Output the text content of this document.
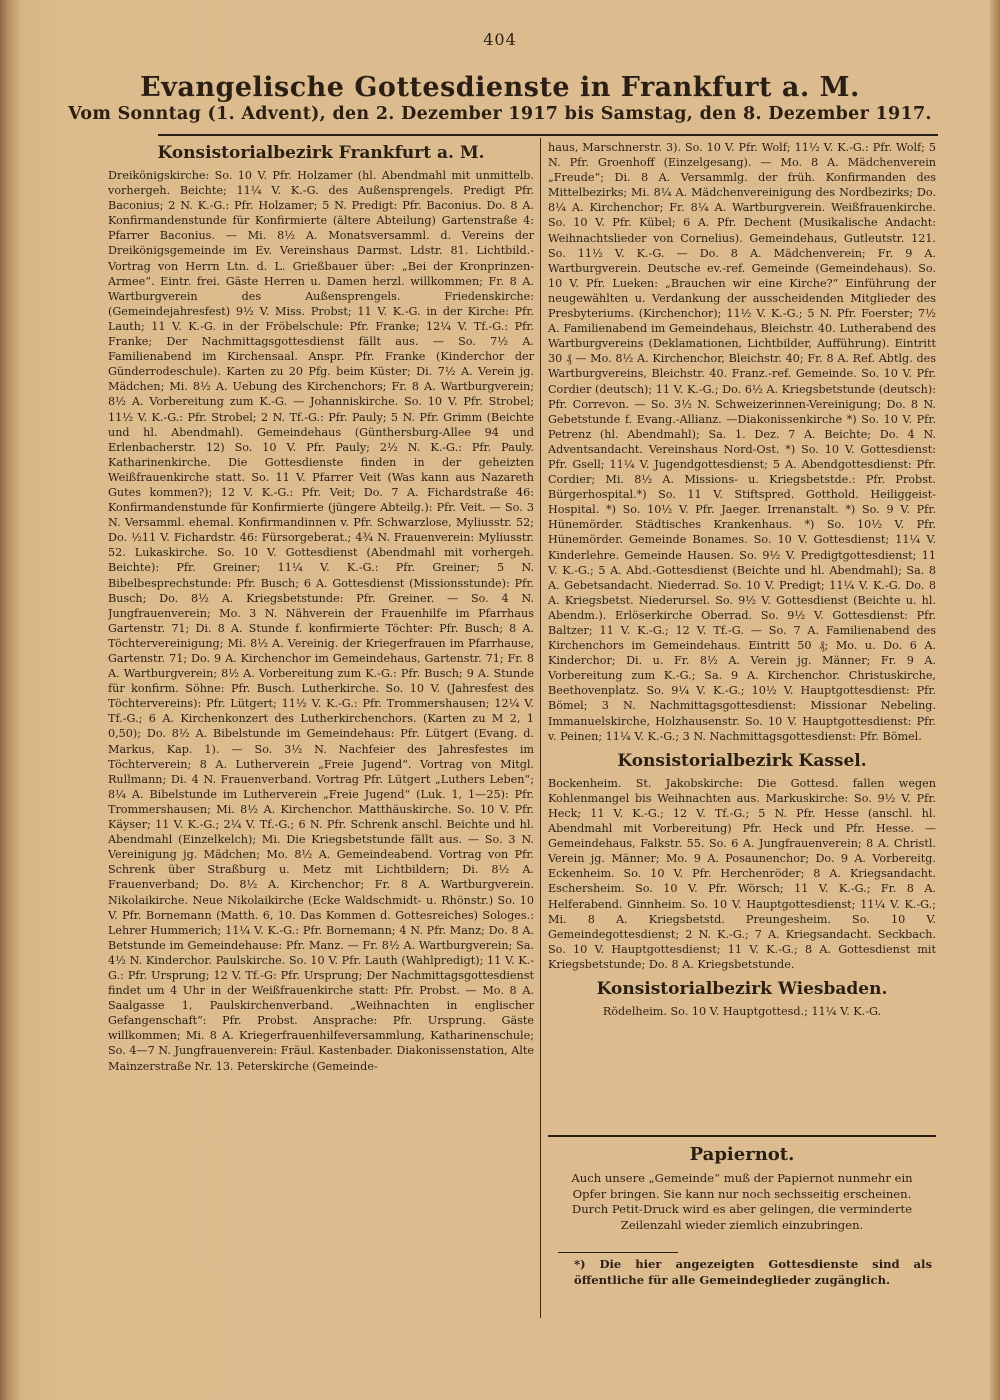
404
Evangelische Gottesdienste in Frankfurt a. M.
Vom Sonntag (1. Advent), den 2. Dezember 1917 bis Samstag, den 8. Dezember 1917.
Konsistorialbezirk Frankfurt a. M.

Dreikönigskirche: So. 10 V. Pfr. Holzamer (hl. Abendmahl mit unmittelb. vorhergeh. Beichte; 11¼ V. K.-G. des Außensprengels. Predigt Pfr. Baconius; 2 N. K.-G.: Pfr. Holzamer; 5 N. Predigt: Pfr. Baconius. Do. 8 A. Konfirmandenstunde für Konfirmierte (ältere Abteilung) Gartenstraße 4: Pfarrer Baconius. — Mi. 8½ A. Monatsversamml. d. Vereins der Dreikönigsgemeinde im Ev. Vereinshaus Darmst. Ldstr. 81. Lichtbild.-Vortrag von Herrn Ltn. d. L. Grießbauer über: „Bei der Kronprinzen-Armee“. Eintr. frei. Gäste Herren u. Damen herzl. willkommen; Fr. 8 A. Wartburgverein des Außensprengels. Friedenskirche: (Gemeindejahresfest) 9½ V. Miss. Probst; 11 V. K.-G. in der Kirche: Pfr. Lauth; 11 V. K.-G. in der Fröbelschule: Pfr. Franke; 12¼ V. Tf.-G.: Pfr. Franke; Der Nachmittagsgottesdienst fällt aus. — So. 7½ A. Familienabend im Kirchensaal. Anspr. Pfr. Franke (Kinderchor der Günderrodeschule). Karten zu 20 Pfg. beim Küster; Di. 7½ A. Verein jg. Mädchen; Mi. 8½ A. Uebung des Kirchenchors; Fr. 8 A. Wartburgverein; 8½ A. Vorbereitung zum K.-G. — Johanniskirche. So. 10 V. Pfr. Strobel; 11½ V. K.-G.: Pfr. Strobel; 2 N. Tf.-G.: Pfr. Pauly; 5 N. Pfr. Grimm (Beichte und hl. Abendmahl). Gemeindehaus (Günthersburg-Allee 94 und Erlenbacherstr. 12) So. 10 V. Pfr. Pauly; 2½ N. K.-G.: Pfr. Pauly. Katharinenkirche. Die Gottesdienste finden in der geheizten Weißfrauenkirche statt. So. 11 V. Pfarrer Veit (Was kann aus Nazareth Gutes kommen?); 12 V. K.-G.: Pfr. Veit; Do. 7 A. Fichardstraße 46: Konfirmandenstunde für Konfirmierte (jüngere Abteilg.): Pfr. Veit. — So. 3 N. Versamml. ehemal. Konfirmandinnen v. Pfr. Schwarzlose, Myliusstr. 52; Do. ½11 V. Fichardstr. 46: Fürsorgeberat.; 4¾ N. Frauenverein: Myliusstr. 52. Lukaskirche. So. 10 V. Gottesdienst (Abendmahl mit vorhergeh. Beichte): Pfr. Greiner; 11¼ V. K.-G.: Pfr. Greiner; 5 N. Bibelbesprechstunde: Pfr. Busch; 6 A. Gottesdienst (Missionsstunde): Pfr. Busch; Do. 8½ A. Kriegsbetstunde: Pfr. Greiner. — So. 4 N. Jungfrauenverein; Mo. 3 N. Nähverein der Frauenhilfe im Pfarrhaus Gartenstr. 71; Di. 8 A. Stunde f. konfirmierte Töchter: Pfr. Busch; 8 A. Töchtervereinigung; Mi. 8½ A. Vereinig. der Kriegerfrauen im Pfarrhause, Gartenstr. 71; Do. 9 A. Kirchenchor im Gemeindehaus, Gartenstr. 71; Fr. 8 A. Wartburgverein; 8½ A. Vorbereitung zum K.-G.: Pfr. Busch; 9 A. Stunde für konfirm. Söhne: Pfr. Busch. Lutherkirche. So. 10 V. (Jahresfest des Töchtervereins): Pfr. Lütgert; 11½ V. K.-G.: Pfr. Trommershausen; 12¼ V. Tf.-G.; 6 A. Kirchenkonzert des Lutherkirchenchors. (Karten zu M 2, 1 0,50); Do. 8½ A. Bibelstunde im Gemeindehaus: Pfr. Lütgert (Evang. d. Markus, Kap. 1). — So. 3½ N. Nachfeier des Jahresfestes im Töchterverein; 8 A. Lutherverein „Freie Jugend“. Vortrag von Mitgl. Rullmann; Di. 4 N. Frauenverband. Vortrag Pfr. Lütgert „Luthers Leben“; 8¼ A. Bibelstunde im Lutherverein „Freie Jugend“ (Luk. 1, 1—25): Pfr. Trommershausen; Mi. 8½ A. Kirchenchor. Matthäuskirche. So. 10 V. Pfr. Käyser; 11 V. K.-G.; 2¼ V. Tf.-G.; 6 N. Pfr. Schrenk anschl. Beichte und hl. Abendmahl (Einzelkelch); Mi. Die Kriegsbetstunde fällt aus. — So. 3 N. Vereinigung jg. Mädchen; Mo. 8½ A. Gemeindeabend. Vortrag von Pfr. Schrenk über Straßburg u. Metz mit Lichtbildern; Di. 8½ A. Frauenverband; Do. 8½ A. Kirchenchor; Fr. 8 A. Wartburgverein. Nikolaikirche. Neue Nikolaikirche (Ecke Waldschmidt- u. Rhönstr.) So. 10 V. Pfr. Bornemann (Matth. 6, 10. Das Kommen d. Gottesreiches) Sologes.: Lehrer Hummerich; 11¼ V. K.-G.: Pfr. Bornemann; 4 N. Pfr. Manz; Do. 8 A. Betstunde im Gemeindehause: Pfr. Manz. — Fr. 8½ A. Wartburgverein; Sa. 4½ N. Kinderchor. Paulskirche. So. 10 V. Pfr. Lauth (Wahlpredigt); 11 V. K.-G.: Pfr. Ursprung; 12 V. Tf.-G: Pfr. Ursprung; Der Nachmittagsgottesdienst findet um 4 Uhr in der Weißfrauenkirche statt: Pfr. Probst. — Mo. 8 A. Saalgasse 1, Paulskirchenverband. „Weihnachten in englischer Gefangenschaft“: Pfr. Probst. Ansprache: Pfr. Ursprung. Gäste willkommen; Mi. 8 A. Kriegerfrauenhilfeversammlung, Katharinenschule; So. 4—7 N. Jungfrauenverein: Fräul. Kastenbader. Diakonissenstation, Alte Mainzerstraße Nr. 13. Peterskirche (Gemeinde-

haus, Marschnerstr. 3). So. 10 V. Pfr. Wolf; 11½ V. K.-G.: Pfr. Wolf; 5 N. Pfr. Groenhoff (Einzelgesang). — Mo. 8 A. Mädchenverein „Freude“; Di. 8 A. Versammlg. der früh. Konfirmanden des Mittelbezirks; Mi. 8¼ A. Mädchenvereinigung des Nordbezirks; Do. 8¼ A. Kirchenchor; Fr. 8¼ A. Wartburgverein. Weißfrauenkirche. So. 10 V. Pfr. Kübel; 6 A. Pfr. Dechent (Musikalische Andacht: Weihnachtslieder von Cornelius). Gemeindehaus, Gutleutstr. 121. So. 11½ V. K.-G. — Do. 8 A. Mädchenverein; Fr. 9 A. Wartburgverein. Deutsche ev.-ref. Gemeinde (Gemeindehaus). So. 10 V. Pfr. Lueken: „Brauchen wir eine Kirche?“ Einführung der neugewählten u. Verdankung der ausscheidenden Mitglieder des Presbyteriums. (Kirchenchor); 11½ V. K.-G.; 5 N. Pfr. Foerster; 7½ A. Familienabend im Gemeindehaus, Bleichstr. 40. Lutherabend des Wartburgvereins (Deklamationen, Lichtbilder, Aufführung). Eintritt 30 ₰ — Mo. 8½ A. Kirchenchor, Bleichstr. 40; Fr. 8 A. Ref. Abtlg. des Wartburgvereins, Bleichstr. 40. Franz.-ref. Gemeinde. So. 10 V. Pfr. Cordier (deutsch); 11 V. K.-G.; Do. 6½ A. Kriegsbetstunde (deutsch): Pfr. Correvon. — So. 3½ N. Schweizerinnen-Vereinigung; Do. 8 N. Gebetstunde f. Evang.-Allianz. —Diakonissenkirche *) So. 10 V. Pfr. Petrenz (hl. Abendmahl); Sa. 1. Dez. 7 A. Beichte; Do. 4 N. Adventsandacht. Vereinshaus Nord-Ost. *) So. 10 V. Gottesdienst: Pfr. Gsell; 11¼ V. Jugendgottesdienst; 5 A. Abendgottesdienst: Pfr. Cordier; Mi. 8½ A. Missions- u. Kriegsbetstde.: Pfr. Probst. Bürgerhospital.*) So. 11 V. Stiftspred. Gotthold. Heiliggeist-Hospital. *) So. 10½ V. Pfr. Jaeger. Irrenanstalt. *) So. 9 V. Pfr. Hünemörder. Städtisches Krankenhaus. *) So. 10½ V. Pfr. Hünemörder. Gemeinde Bonames. So. 10 V. Gottesdienst; 11¼ V. Kinderlehre. Gemeinde Hausen. So. 9½ V. Predigtgottesdienst; 11 V. K.-G.; 5 A. Abd.-Gottesdienst (Beichte und hl. Abendmahl); Sa. 8 A. Gebetsandacht. Niederrad. So. 10 V. Predigt; 11¼ V. K.-G. Do. 8 A. Kriegsbetst. Niederursel. So. 9½ V. Gottesdienst (Beichte u. hl. Abendm.). Erlöserkirche Oberrad. So. 9½ V. Gottesdienst: Pfr. Baltzer; 11 V. K.-G.; 12 V. Tf.-G. — So. 7 A. Familienabend des Kirchenchors im Gemeindehaus. Eintritt 50 ₰; Mo. u. Do. 6 A. Kinderchor; Di. u. Fr. 8½ A. Verein jg. Männer; Fr. 9 A. Vorbereitung zum K.-G.; Sa. 9 A. Kirchenchor. Christuskirche, Beethovenplatz. So. 9¼ V. K.-G.; 10½ V. Hauptgottesdienst: Pfr. Bömel; 3 N. Nachmittagsgottesdienst: Missionar Nebeling. Immanuelskirche, Holzhausenstr. So. 10 V. Hauptgottesdienst: Pfr. v. Peinen; 11¼ V. K.-G.; 3 N. Nachmittagsgottesdienst: Pfr. Bömel.

Konsistorialbezirk Kassel.

Bockenheim. St. Jakobskirche: Die Gottesd. fallen wegen Kohlenmangel bis Weihnachten aus. Markuskirche: So. 9½ V. Pfr. Heck; 11 V. K.-G.; 12 V. Tf.-G.; 5 N. Pfr. Hesse (anschl. hl. Abendmahl mit Vorbereitung) Pfr. Heck und Pfr. Hesse. — Gemeindehaus, Falkstr. 55. So. 6 A. Jungfrauenverein; 8 A. Christl. Verein jg. Männer; Mo. 9 A. Posaunenchor; Do. 9 A. Vorbereitg. Eckenheim. So. 10 V. Pfr. Herchenröder; 8 A. Kriegsandacht. Eschersheim. So. 10 V. Pfr. Wörsch; 11 V. K.-G.; Fr. 8 A. Helferabend. Ginnheim. So. 10 V. Hauptgottesdienst; 11¼ V. K.-G.; Mi. 8 A. Kriegsbetstd. Preungesheim. So. 10 V. Gemeindegottesdienst; 2 N. K.-G.; 7 A. Kriegsandacht. Seckbach. So. 10 V. Hauptgottesdienst; 11 V. K.-G.; 8 A. Gottesdienst mit Kriegsbetstunde; Do. 8 A. Kriegsbetstunde.

Konsistorialbezirk Wiesbaden.

Rödelheim. So. 10 V. Hauptgottesd.; 11¼ V. K.-G.

Papiernot.
Auch unsere „Gemeinde“ muß der Papiernot nunmehr ein Opfer bringen. Sie kann nur noch sechsseitig erscheinen. Durch Petit-Druck wird es aber gelingen, die verminderte Zeilenzahl wieder ziemlich einzubringen.
*) Die hier angezeigten Gottesdienste sind als öffentliche für alle Gemeindeglieder zugänglich.
